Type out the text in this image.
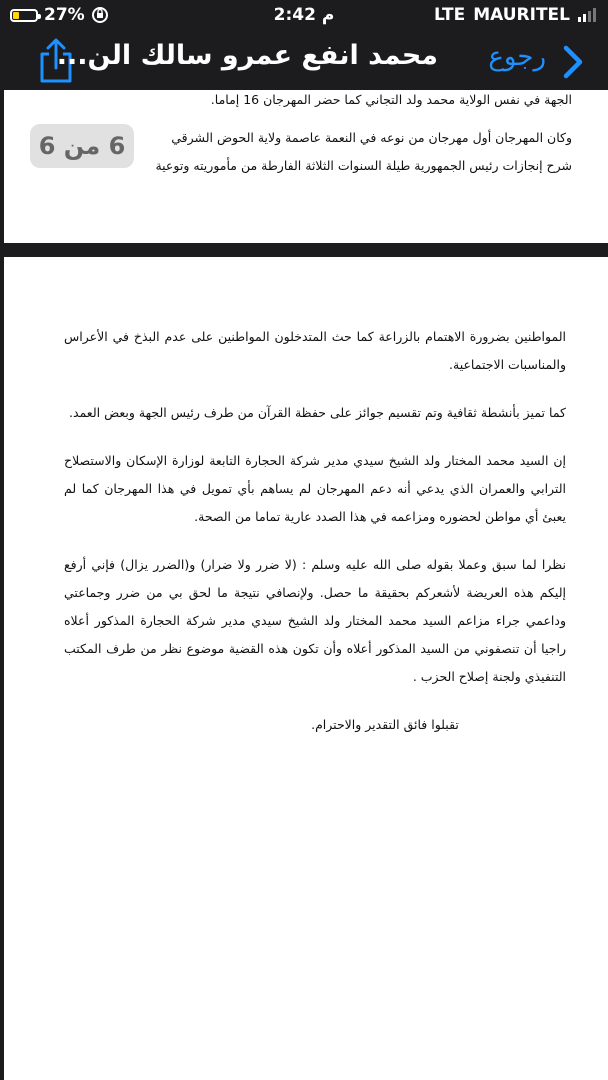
27%	2:42 م	LTE MAURITEL
محمد انفع عمرو سالك الن... رجوع
الجهة في نفس الولاية محمد ولد التجاني كما حضر المهرجان 16 إماما.
وكان المهرجان أول مهرجان من نوعه في النعمة عاصمة ولاية الحوض الشرقي
شرح إنجازات رئيس الجمهورية طيلة السنوات الثلاثة الفارطة من مأموريته وتوعية
6 من 6

المواطنين بضرورة الاهتمام بالزراعة كما حث المتدخلون المواطنين على عدم البذخ في الأعراس والمناسبات الاجتماعية.

كما تميز بأنشطة ثقافية وتم تقسيم جوائز على حفظة القرآن من طرف رئيس الجهة وبعض العمد.

إن السيد محمد المختار ولد الشيخ سيدي مدير شركة الحجارة التابعة لوزارة الإسكان والاستصلاح الترابي والعمران الذي يدعي أنه دعم المهرجان لم يساهم بأي تمويل في هذا المهرجان كما لم يعبئ أي مواطن لحضوره ومزاعمه في هذا الصدد عارية تماما من الصحة.

نظرا لما سبق وعملا بقوله صلى الله عليه وسلم : (لا ضرر ولا ضرار) و(الضرر يزال) فإني أرفع إليكم هذه العريضة لأشعركم بحقيقة ما حصل. ولإنصافي نتيجة ما لحق بي من ضرر وجماعتي وداعمي جراء مزاعم السيد محمد المختار ولد الشيخ سيدي مدير شركة الحجارة المذكور أعلاه راجيا أن تنصفوني من السيد المذكور أعلاه وأن تكون هذه القضية موضوع نظر من طرف المكتب التنفيذي ولجنة إصلاح الحزب .

تقبلوا فائق التقدير والاحترام.
